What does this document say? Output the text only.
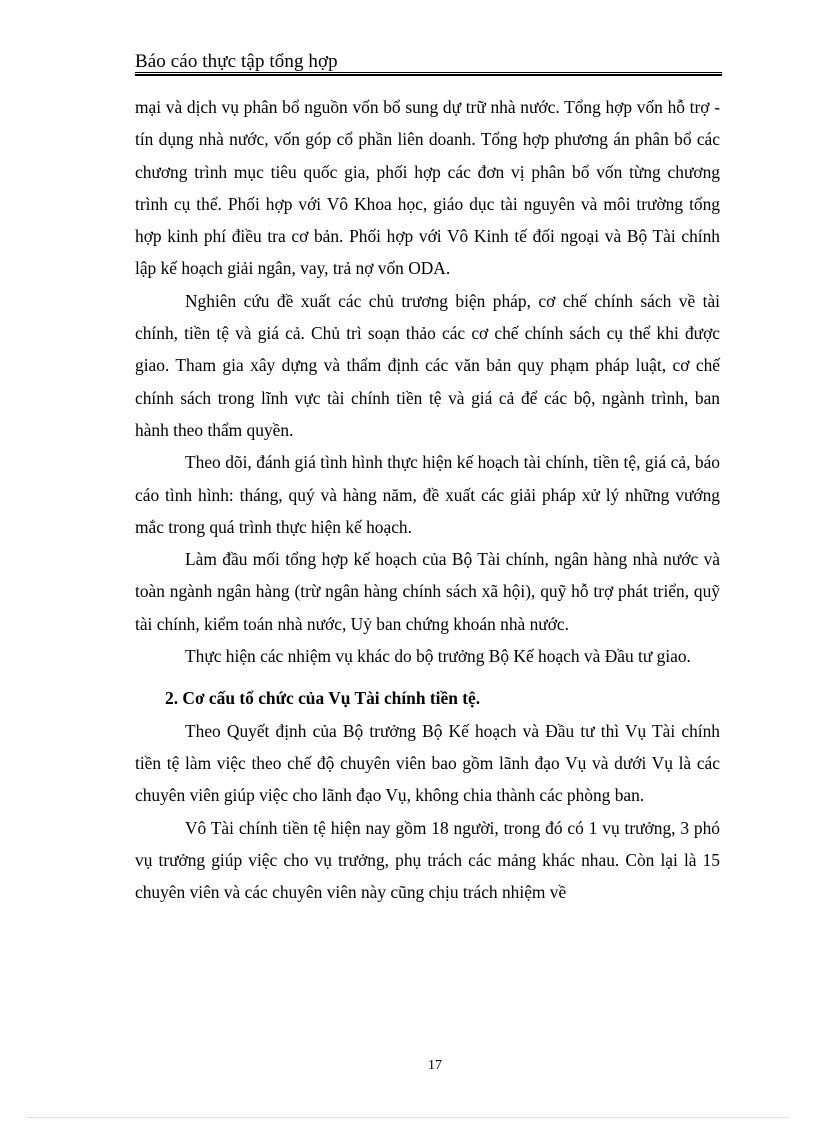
Báo cáo thực tập tổng hợp

mại và dịch vụ phân bổ nguồn vốn bổ sung dự trữ nhà nước. Tổng hợp vốn hỗ trợ - tín dụng nhà nước, vốn góp cổ phần liên doanh. Tổng hợp phương án phân bổ các chương trình mục tiêu quốc gia, phối hợp các đơn vị phân bổ vốn từng chương trình cụ thể. Phối hợp với Vô Khoa học, giáo dục tài nguyên và môi trường tổng hợp kinh phí điều tra cơ bản. Phối hợp với Vô Kinh tế đối ngoại và Bộ Tài chính lập kế hoạch giải ngân, vay, trả nợ vốn ODA.

Nghiên cứu đề xuất các chủ trương biện pháp, cơ chế chính sách về tài chính, tiền tệ và giá cả. Chủ trì soạn thảo các cơ chế chính sách cụ thể khi được giao. Tham gia xây dựng và thẩm định các văn bản quy phạm pháp luật, cơ chế chính sách trong lĩnh vực tài chính tiền tệ và giá cả để các bộ, ngành trình, ban hành theo thẩm quyền.

Theo dõi, đánh giá tình hình thực hiện kế hoạch tài chính, tiền tệ, giá cả, báo cáo tình hình: tháng, quý và hàng năm, đề xuất các giải pháp xử lý những vướng mắc trong quá trình thực hiện kế hoạch.

Làm đầu mối tổng hợp kế hoạch của Bộ Tài chính, ngân hàng nhà nước và toàn ngành ngân hàng (trừ ngân hàng chính sách xã hội), quỹ hỗ trợ phát triển, quỹ tài chính, kiểm toán nhà nước, Uỷ ban chứng khoán nhà nước.

Thực hiện các nhiệm vụ khác do bộ trưởng Bộ Kế hoạch và Đầu tư giao.

2. Cơ cấu tổ chức của Vụ Tài chính tiền tệ.

Theo Quyết định của Bộ trưởng Bộ Kế hoạch và Đầu tư thì Vụ Tài chính tiền tệ làm việc theo chế độ chuyên viên bao gồm lãnh đạo Vụ và dưới Vụ là các chuyên viên giúp việc cho lãnh đạo Vụ, không chia thành các phòng ban.

Vô Tài chính tiền tệ hiện nay gồm 18 người, trong đó có 1 vụ trưởng, 3 phó vụ trưởng giúp việc cho vụ trưởng, phụ trách các mảng khác nhau. Còn lại là 15 chuyên viên và các chuyên viên này cũng chịu trách nhiệm về

17
